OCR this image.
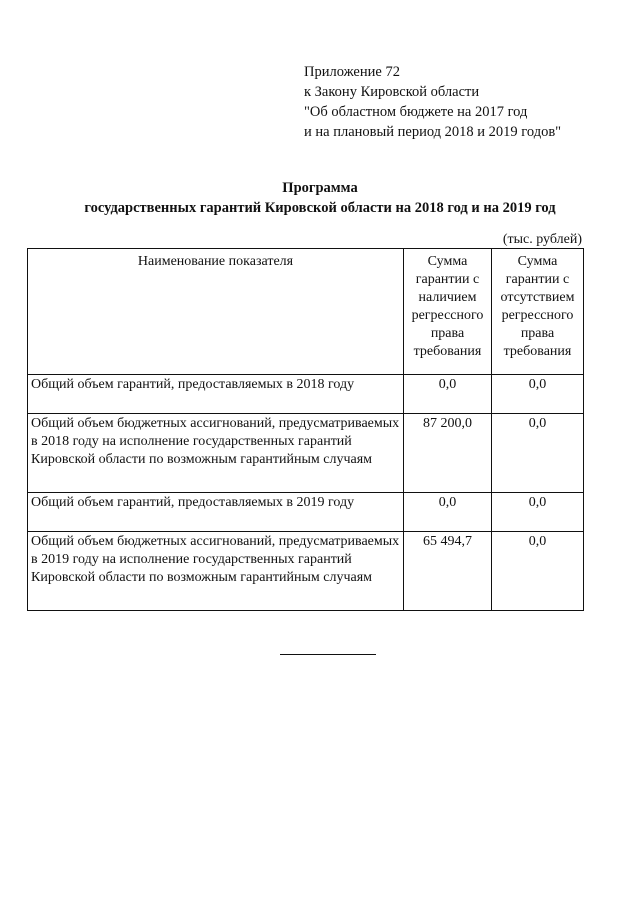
Приложение 72
к Закону Кировской области
"Об областном бюджете на 2017 год
и на плановый период 2018 и 2019 годов"
Программа
государственных гарантий Кировской области на 2018 год и на 2019 год
(тыс. рублей)
Наименование показателя	Сумма гарантии с наличием регрессного права требования	Сумма гарантии с отсутствием регрессного права требования
Общий объем гарантий, предоставляемых в 2018 году	0,0	0,0
Общий объем бюджетных ассигнований, предусматриваемых в 2018 году на исполнение государственных гарантий Кировской области по возможным гарантийным случаям	87 200,0	0,0
Общий объем гарантий, предоставляемых в 2019 году	0,0	0,0
Общий объем бюджетных ассигнований, предусматриваемых в 2019 году на исполнение государственных гарантий Кировской области по возможным гарантийным случаям	65 494,7	0,0
